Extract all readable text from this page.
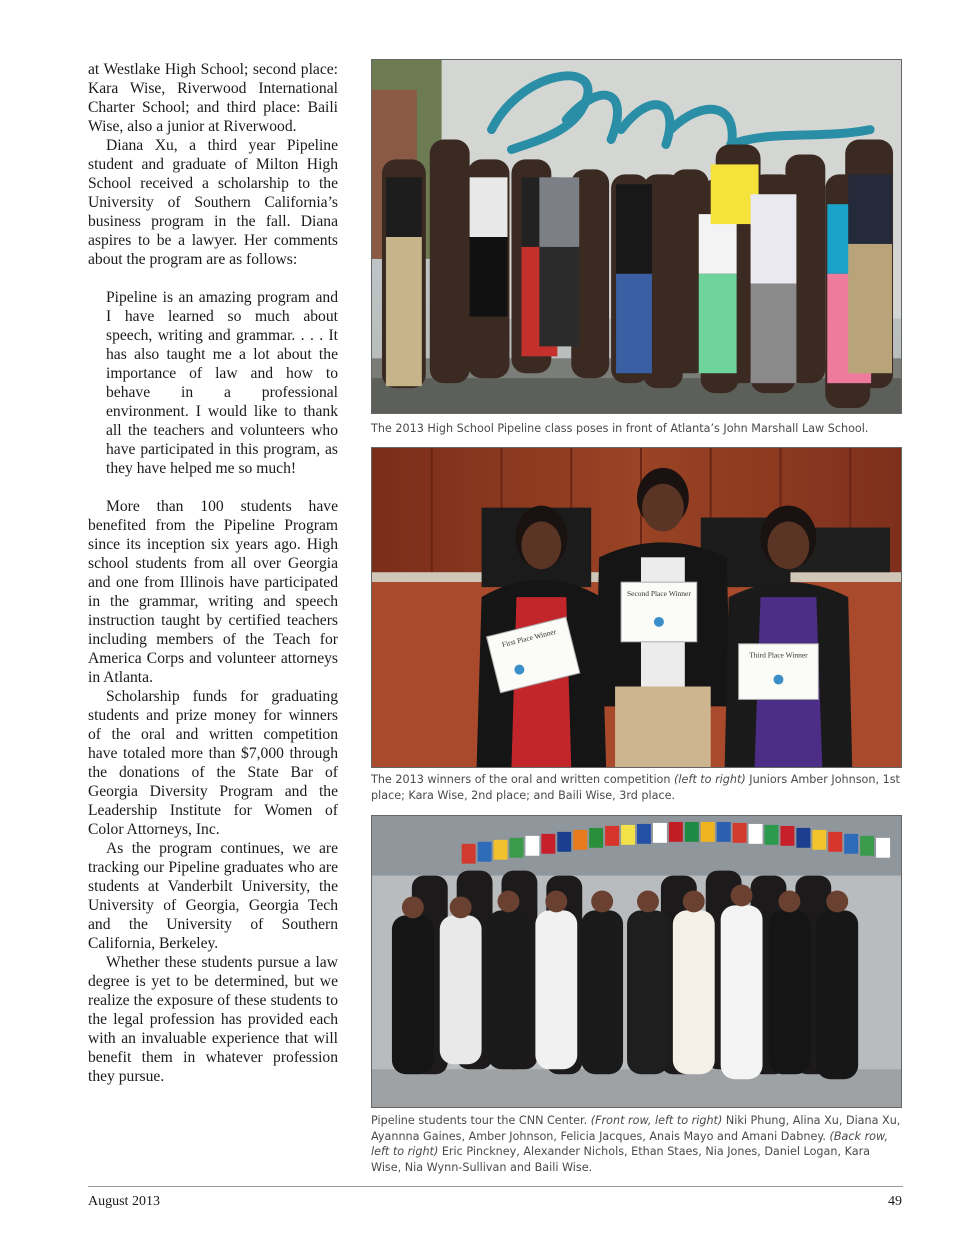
at Westlake High School; second place: Kara Wise, Riverwood International Charter School; and third place: Baili Wise, also a junior at Riverwood.

Diana Xu, a third year Pipeline student and graduate of Milton High School received a scholarship to the University of Southern California’s business program in the fall. Diana aspires to be a lawyer. Her comments about the program are as follows:

Pipeline is an amazing program and I have learned so much about speech, writing and grammar. . . . It has also taught me a lot about the importance of law and how to behave in a professional environment. I would like to thank all the teachers and volunteers who have participated in this program, as they have helped me so much!

More than 100 students have benefited from the Pipeline Program since its inception six years ago. High school students from all over Georgia and one from Illinois have participated in the grammar, writing and speech instruction taught by certified teachers including members of the Teach for America Corps and volunteer attorneys in Atlanta.

Scholarship funds for graduating students and prize money for winners of the oral and written competition have totaled more than $7,000 through the donations of the State Bar of Georgia Diversity Program and the Leadership Institute for Women of Color Attorneys, Inc.

As the program continues, we are tracking our Pipeline graduates who are students at Vanderbilt University, the University of Georgia, Georgia Tech and the University of Southern California, Berkeley.

Whether these students pursue a law degree is yet to be determined, but we realize the exposure of these students to the legal profession has provided each with an invaluable experience that will benefit them in whatever profession they pursue.

The 2013 High School Pipeline class poses in front of Atlanta’s John Marshall Law School.
First Place Winner
Second Place Winner
Third Place Winner
The 2013 winners of the oral and written competition (left to right) Juniors Amber Johnson, 1st place; Kara Wise, 2nd place; and Baili Wise, 3rd place.
Pipeline students tour the CNN Center. (Front row, left to right) Niki Phung, Alina Xu, Diana Xu, Ayannna Gaines, Amber Johnson, Felicia Jacques, Anais Mayo and Amani Dabney. (Back row, left to right) Eric Pinckney, Alexander Nichols, Ethan Staes, Nia Jones, Daniel Logan, Kara Wise, Nia Wynn-Sullivan and Baili Wise.
August 2013	49
